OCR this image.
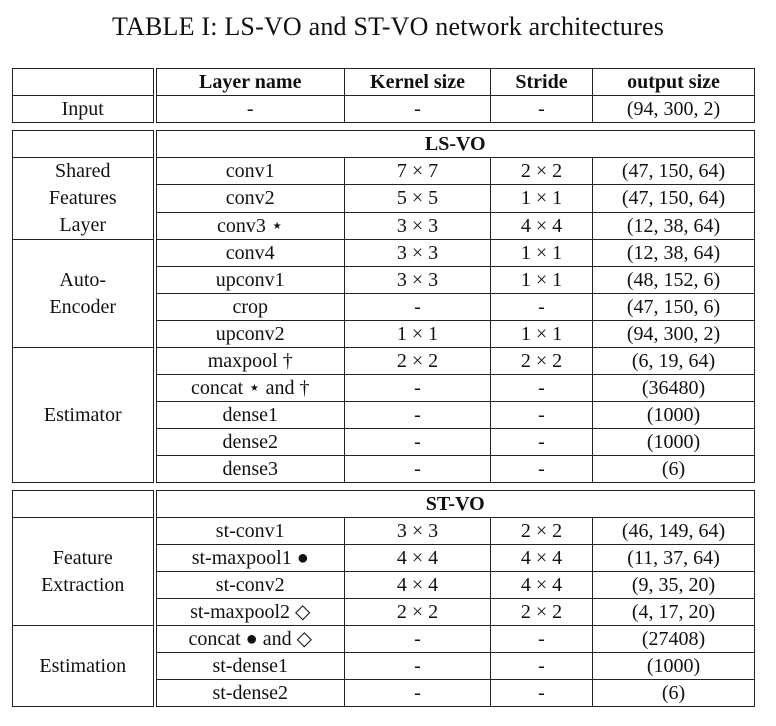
TABLE I: LS-VO and ST-VO network architectures
	Layer name	Kernel size	Stride	output size
Input	-	-	-	(94, 300, 2)

	LS-VO			
Shared
Features
Layer	conv1	7 × 7	2 × 2	(47, 150, 64)
	conv2	5 × 5	1 × 1	(47, 150, 64)
	conv3 ⋆	3 × 3	4 × 4	(12, 38, 64)
Auto-
Encoder	conv4	3 × 3	1 × 1	(12, 38, 64)
	upconv1	3 × 3	1 × 1	(48, 152, 6)
	crop	-	-	(47, 150, 6)
	upconv2	1 × 1	1 × 1	(94, 300, 2)
Estimator	maxpool †	2 × 2	2 × 2	(6, 19, 64)
	concat ⋆ and †	-	-	(36480)
	dense1	-	-	(1000)
	dense2	-	-	(1000)
	dense3	-	-	(6)

	ST-VO			
Feature
Extraction	st-conv1	3 × 3	2 × 2	(46, 149, 64)
	st-maxpool1 ●	4 × 4	4 × 4	(11, 37, 64)
	st-conv2	4 × 4	4 × 4	(9, 35, 20)
	st-maxpool2 ◇	2 × 2	2 × 2	(4, 17, 20)
Estimation	concat ● and ◇	-	-	(27408)
	st-dense1	-	-	(1000)
	st-dense2	-	-	(6)
